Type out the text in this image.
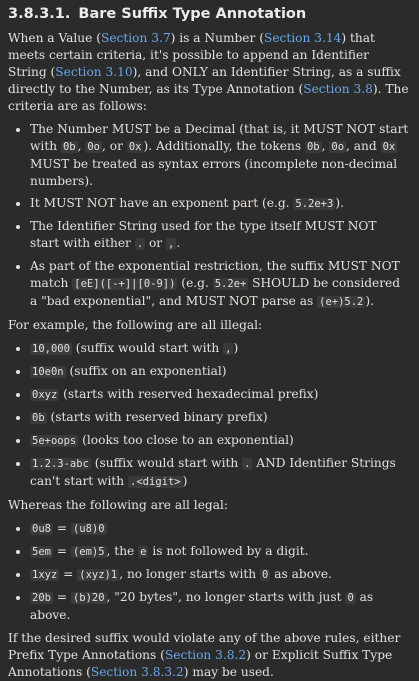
3.8.3.1. Bare Suffix Type Annotation

When a Value (Section 3.7) is a Number (Section 3.14) that meets certain criteria, it's possible to append an Identifier String (Section 3.10), and ONLY an Identifier String, as a suffix directly to the Number, as its Type Annotation (Section 3.8). The criteria are as follows:

• The Number MUST be a Decimal (that is, it MUST NOT start with 0b , 0o , or 0x ). Additionally, the tokens 0b , 0o , and 0x MUST be treated as syntax errors (incomplete non-decimal numbers).
• It MUST NOT have an exponent part (e.g. 5.2e+3 ).
• The Identifier String used for the type itself MUST NOT start with either . or , .
• As part of the exponential restriction, the suffix MUST NOT match [eE]([-+]|[0-9]) (e.g. 5.2e+ SHOULD be considered a "bad exponential", and MUST NOT parse as (e+)5.2 ).

For example, the following are all illegal:

• 10,000 (suffix would start with , )
• 10e0n (suffix on an exponential)
• 0xyz (starts with reserved hexadecimal prefix)
• 0b (starts with reserved binary prefix)
• 5e+oops (looks too close to an exponential)
• 1.2.3-abc (suffix would start with . AND Identifier Strings can't start with .<digit> )

Whereas the following are all legal:

• 0u8 = (u8)0
• 5em = (em)5 , the e is not followed by a digit.
• 1xyz = (xyz)1 , no longer starts with 0 as above.
• 20b = (b)20 , "20 bytes", no longer starts with just 0 as above.

If the desired suffix would violate any of the above rules, either Prefix Type Annotations (Section 3.8.2) or Explicit Suffix Type Annotations (Section 3.8.3.2) may be used.
